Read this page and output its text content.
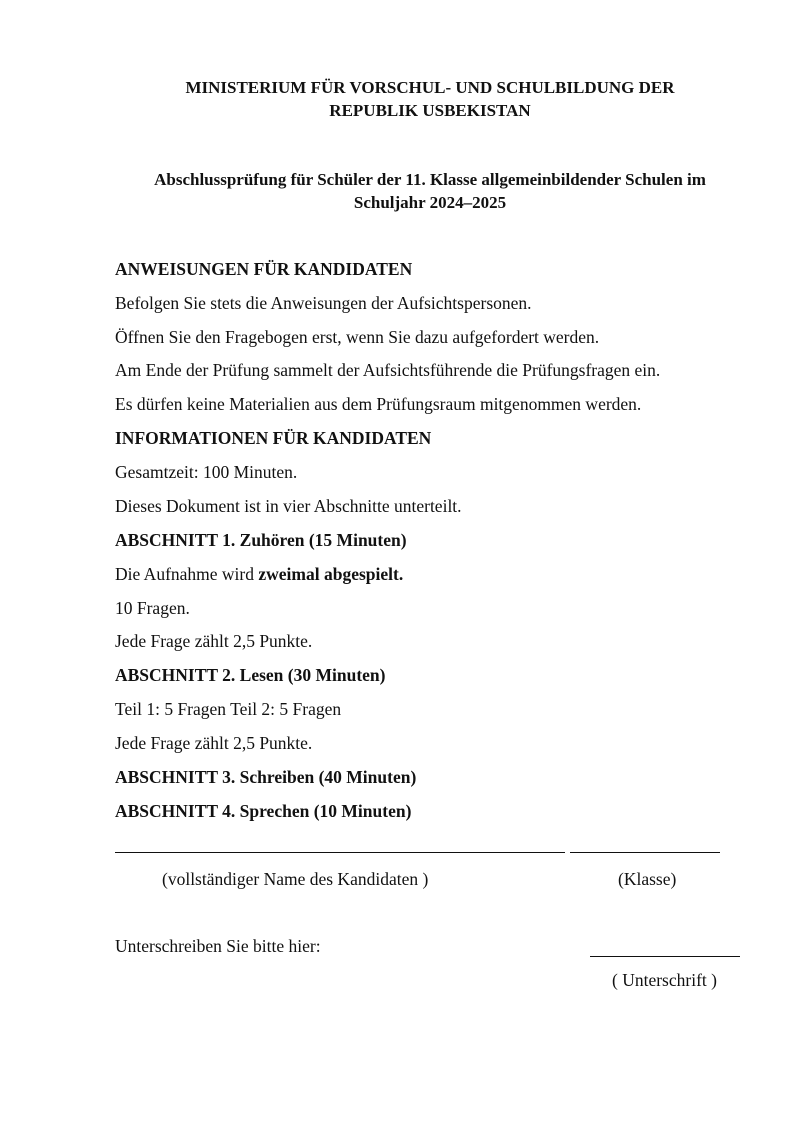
MINISTERIUM FÜR VORSCHUL- UND SCHULBILDUNG DER
REPUBLIK USBEKISTAN
Abschlussprüfung für Schüler der 11. Klasse allgemeinbildender Schulen im
Schuljahr 2024–2025
ANWEISUNGEN FÜR KANDIDATEN
Befolgen Sie stets die Anweisungen der Aufsichtspersonen.
Öffnen Sie den Fragebogen erst, wenn Sie dazu aufgefordert werden.
Am Ende der Prüfung sammelt der Aufsichtsführende die Prüfungsfragen ein.
Es dürfen keine Materialien aus dem Prüfungsraum mitgenommen werden.
INFORMATIONEN FÜR KANDIDATEN
Gesamtzeit: 100 Minuten.
Dieses Dokument ist in vier Abschnitte unterteilt.
ABSCHNITT 1. Zuhören (15 Minuten)
Die Aufnahme wird zweimal abgespielt.
10 Fragen.
Jede Frage zählt 2,5 Punkte.
ABSCHNITT 2. Lesen (30 Minuten)
Teil 1: 5 Fragen Teil 2: 5 Fragen
Jede Frage zählt 2,5 Punkte.
ABSCHNITT 3. Schreiben (40 Minuten)
ABSCHNITT 4. Sprechen (10 Minuten)
(vollständiger Name des Kandidaten )	(Klasse)
Unterschreiben Sie bitte hier:
( Unterschrift )
